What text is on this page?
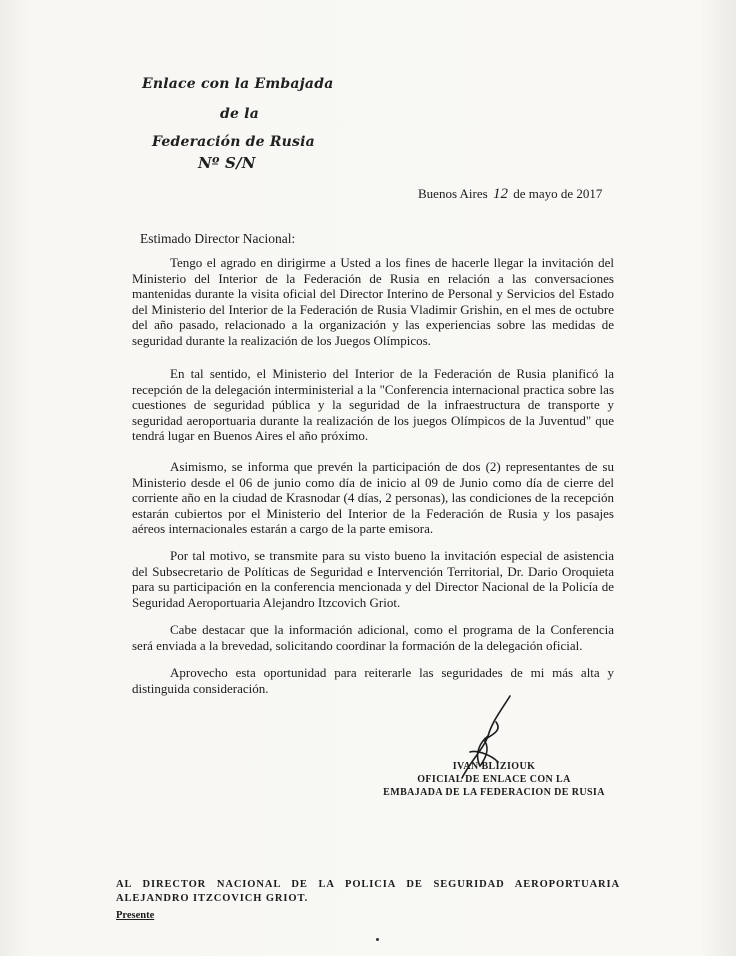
Enlace con la Embajada
de la
Federación de Rusia
Nº S/N
Buenos Aires 12 de mayo de 2017
Estimado Director Nacional:
Tengo el agrado en dirigirme a Usted a los fines de hacerle llegar la invitación del Ministerio del Interior de la Federación de Rusia en relación a las conversaciones mantenidas durante la visita oficial del Director Interino de Personal y Servicios del Estado del Ministerio del Interior de la Federación de Rusia Vladimir Grishin, en el mes de octubre del año pasado, relacionado a la organización y las experiencias sobre las medidas de seguridad durante la realización de los Juegos Olímpicos.
En tal sentido, el Ministerio del Interior de la Federación de Rusia planificó la recepción de la delegación interministerial a la "Conferencia internacional practica sobre las cuestiones de seguridad pública y la seguridad de la infraestructura de transporte y seguridad aeroportuaria durante la realización de los juegos Olímpicos de la Juventud" que tendrá lugar en Buenos Aires el año próximo.
Asimismo, se informa que prevén la participación de dos (2) representantes de su Ministerio desde el 06 de junio como día de inicio al 09 de Junio como día de cierre del corriente año en la ciudad de Krasnodar (4 días, 2 personas), las condiciones de la recepción estarán cubiertos por el Ministerio del Interior de la Federación de Rusia y los pasajes aéreos internacionales estarán a cargo de la parte emisora.
Por tal motivo, se transmite para su visto bueno la invitación especial de asistencia del Subsecretario de Políticas de Seguridad e Intervención Territorial, Dr. Dario Oroquieta para su participación en la conferencia mencionada y del Director Nacional de la Policía de Seguridad Aeroportuaria Alejandro Itzcovich Griot.
Cabe destacar que la información adicional, como el programa de la Conferencia será enviada a la brevedad, solicitando coordinar la formación de la delegación oficial.
Aprovecho esta oportunidad para reiterarle las seguridades de mi más alta y distinguida consideración.
IVAN BLIZIOUK
OFICIAL DE ENLACE CON LA
EMBAJADA DE LA FEDERACION DE RUSIA
AL DIRECTOR NACIONAL DE LA POLICIA DE SEGURIDAD AEROPORTUARIA ALEJANDRO ITZCOVICH GRIOT.
Presente
